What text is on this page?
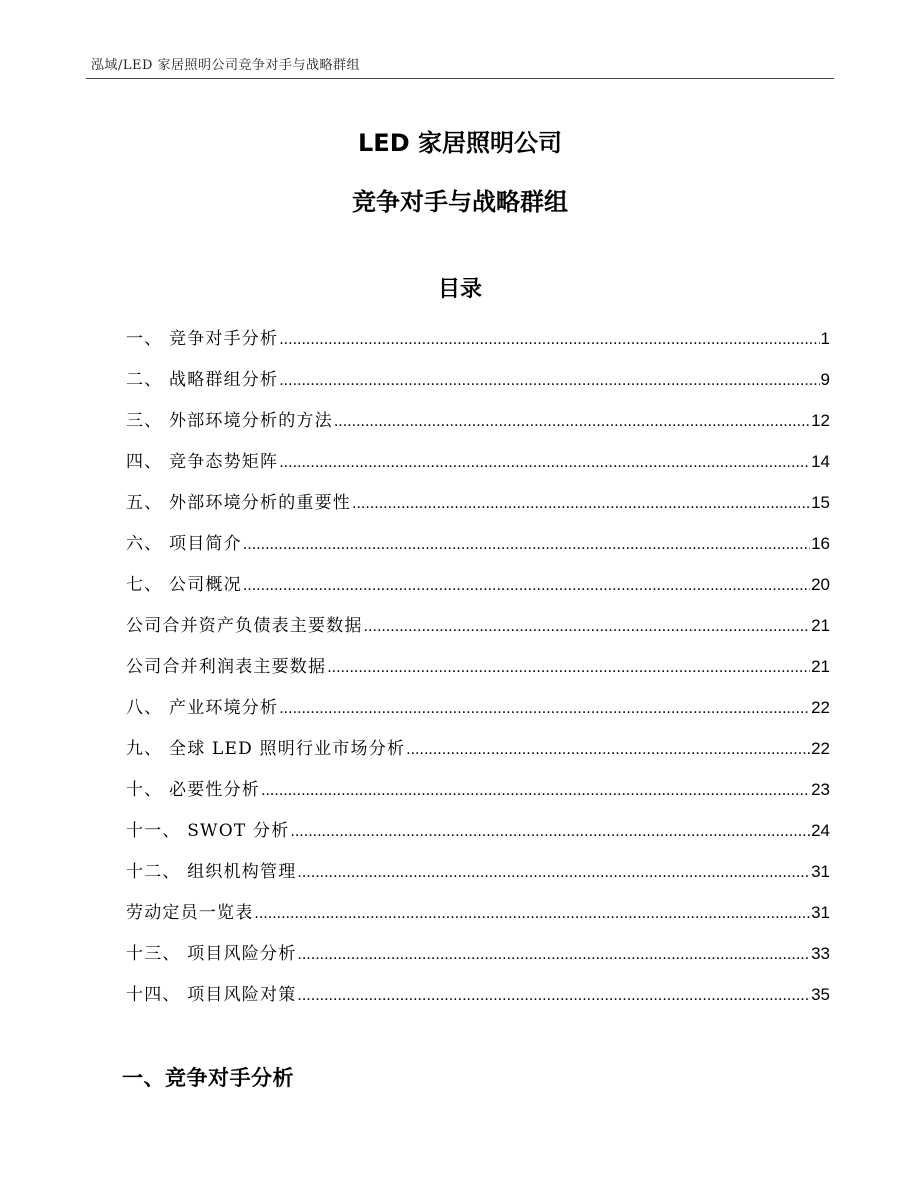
泓域/LED 家居照明公司竞争对手与战略群组
LED 家居照明公司
竞争对手与战略群组
目录
一、 竞争对手分析 .....	1
二、 战略群组分析 .....	9
三、 外部环境分析的方法 .....	12
四、 竞争态势矩阵 .....	14
五、 外部环境分析的重要性 .....	15
六、 项目简介 .....	16
七、 公司概况 .....	20
公司合并资产负债表主要数据 .....	21
公司合并利润表主要数据 .....	21
八、 产业环境分析 .....	22
九、 全球 LED 照明行业市场分析 .....	22
十、 必要性分析 .....	23
十一、 SWOT 分析 .....	24
十二、 组织机构管理 .....	31
劳动定员一览表 .....	31
十三、 项目风险分析 .....	33
十四、 项目风险对策 .....	35
一、竞争对手分析
